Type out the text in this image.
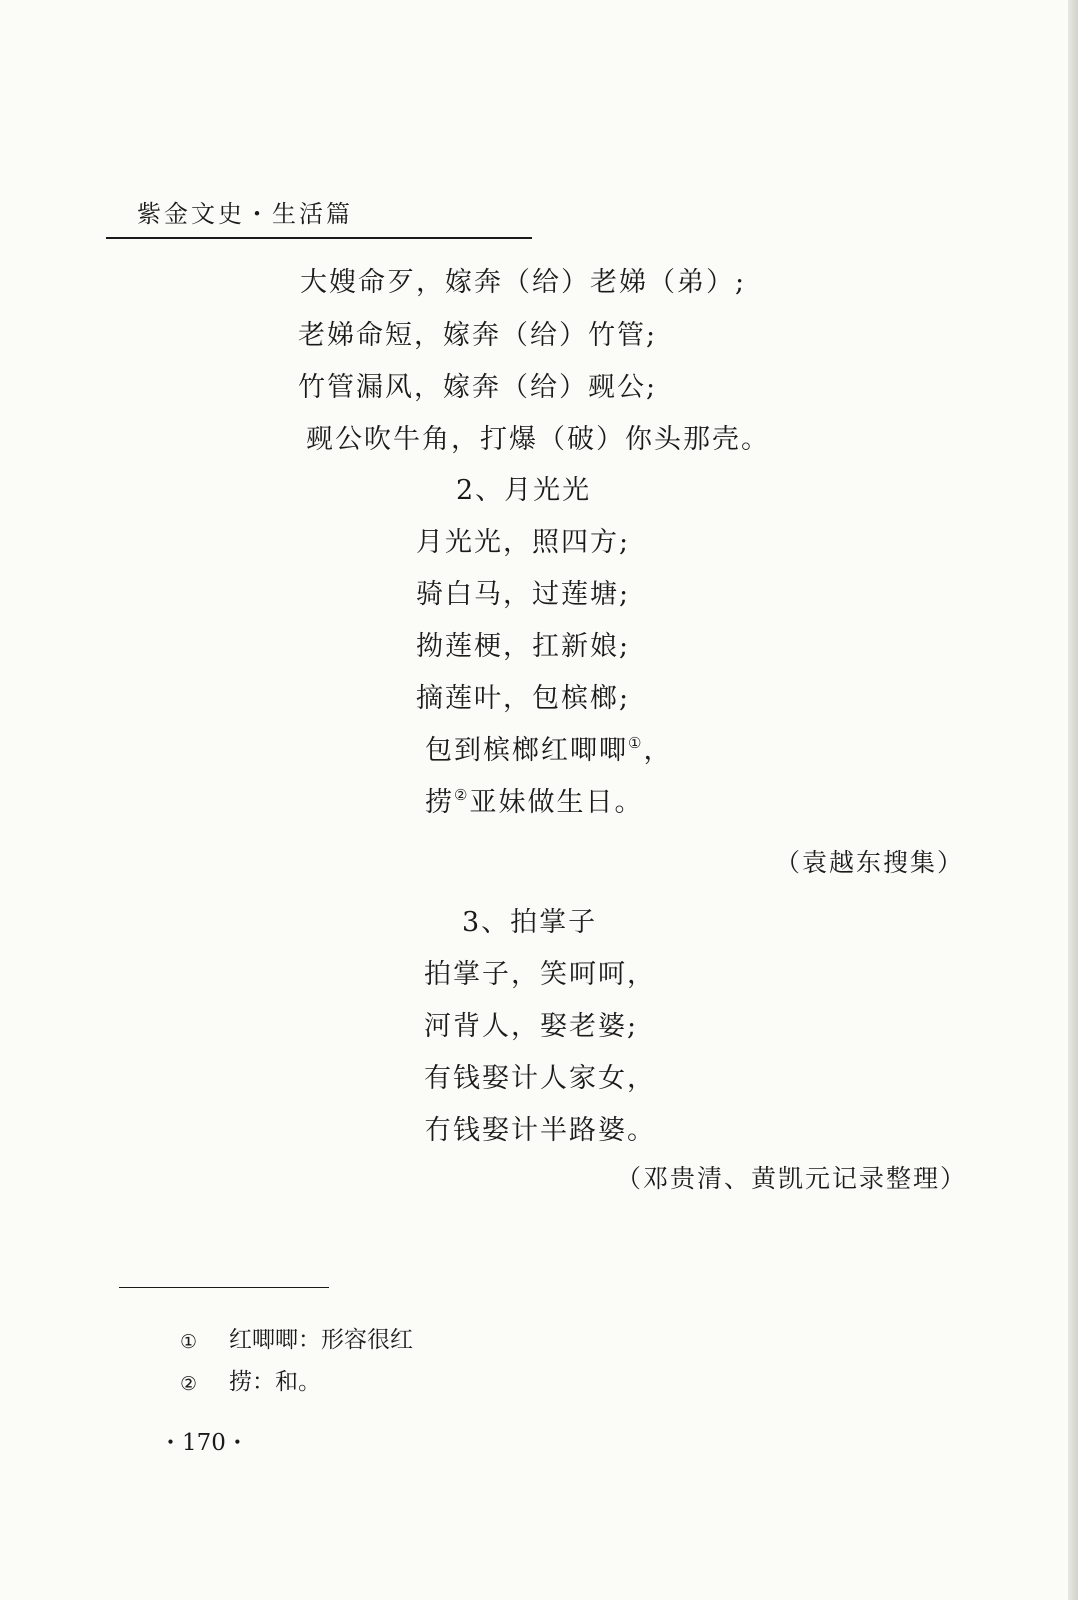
紫金文史・生活篇
大嫂命歹，嫁奔（给）老娣（弟）;
老娣命短，嫁奔（给）竹管;
竹管漏风，嫁奔（给）觋公;
觋公吹牛角，打爆（破）你头那壳。
2、月光光
月光光，照四方;
骑白马，过莲塘;
拗莲梗，扛新娘;
摘莲叶，包槟榔;
包到槟榔红唧唧①，
捞②亚妹做生日。
（袁越东搜集）
3、拍掌子
拍掌子，笑呵呵，
河背人，娶老婆;
有钱娶计人家女，
冇钱娶计半路婆。
（邓贵清、黄凯元记录整理）
① 红唧唧：形容很红
② 捞：和。
・170・
